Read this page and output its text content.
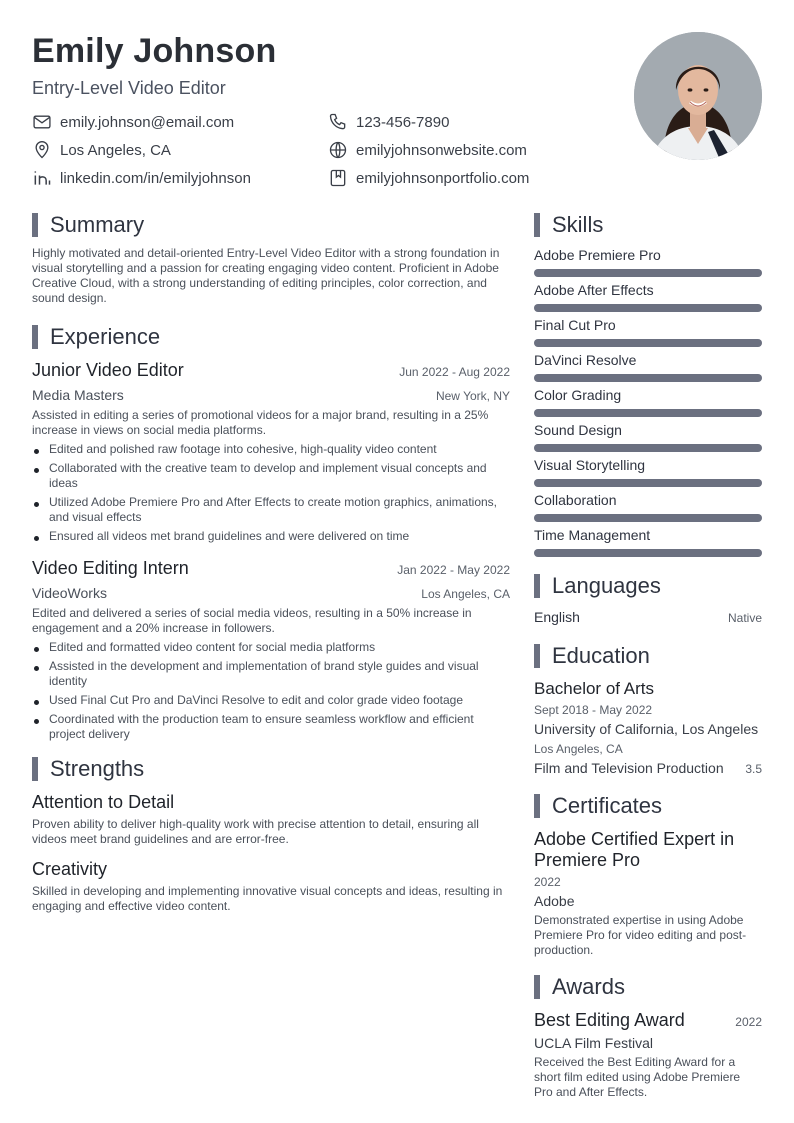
Emily Johnson
Entry-Level Video Editor
emily.johnson@email.com	123-456-7890
Los Angeles, CA	emilyjohnsonwebsite.com
linkedin.com/in/emilyjohnson	emilyjohnsonportfolio.com
Summary
Highly motivated and detail-oriented Entry-Level Video Editor with a strong foundation in visual storytelling and a passion for creating engaging video content. Proficient in Adobe Creative Cloud, with a strong understanding of editing principles, color correction, and sound design.
Experience
Junior Video Editor	Jun 2022 - Aug 2022
Media Masters	New York, NY
Assisted in editing a series of promotional videos for a major brand, resulting in a 25% increase in views on social media platforms.
Edited and polished raw footage into cohesive, high-quality video content
Collaborated with the creative team to develop and implement visual concepts and ideas
Utilized Adobe Premiere Pro and After Effects to create motion graphics, animations, and visual effects
Ensured all videos met brand guidelines and were delivered on time
Video Editing Intern	Jan 2022 - May 2022
VideoWorks	Los Angeles, CA
Edited and delivered a series of social media videos, resulting in a 50% increase in engagement and a 20% increase in followers.
Edited and formatted video content for social media platforms
Assisted in the development and implementation of brand style guides and visual identity
Used Final Cut Pro and DaVinci Resolve to edit and color grade video footage
Coordinated with the production team to ensure seamless workflow and efficient project delivery
Strengths
Attention to Detail
Proven ability to deliver high-quality work with precise attention to detail, ensuring all videos meet brand guidelines and are error-free.
Creativity
Skilled in developing and implementing innovative visual concepts and ideas, resulting in engaging and effective video content.
Skills
Adobe Premiere Pro
Adobe After Effects
Final Cut Pro
DaVinci Resolve
Color Grading
Sound Design
Visual Storytelling
Collaboration
Time Management
Languages
English	Native
Education
Bachelor of Arts
Sept 2018 - May 2022
University of California, Los Angeles
Los Angeles, CA
Film and Television Production 3.5
Certificates
Adobe Certified Expert in Premiere Pro
2022
Adobe
Demonstrated expertise in using Adobe Premiere Pro for video editing and post-production.
Awards
Best Editing Award	2022
UCLA Film Festival
Received the Best Editing Award for a short film edited using Adobe Premiere Pro and After Effects.
